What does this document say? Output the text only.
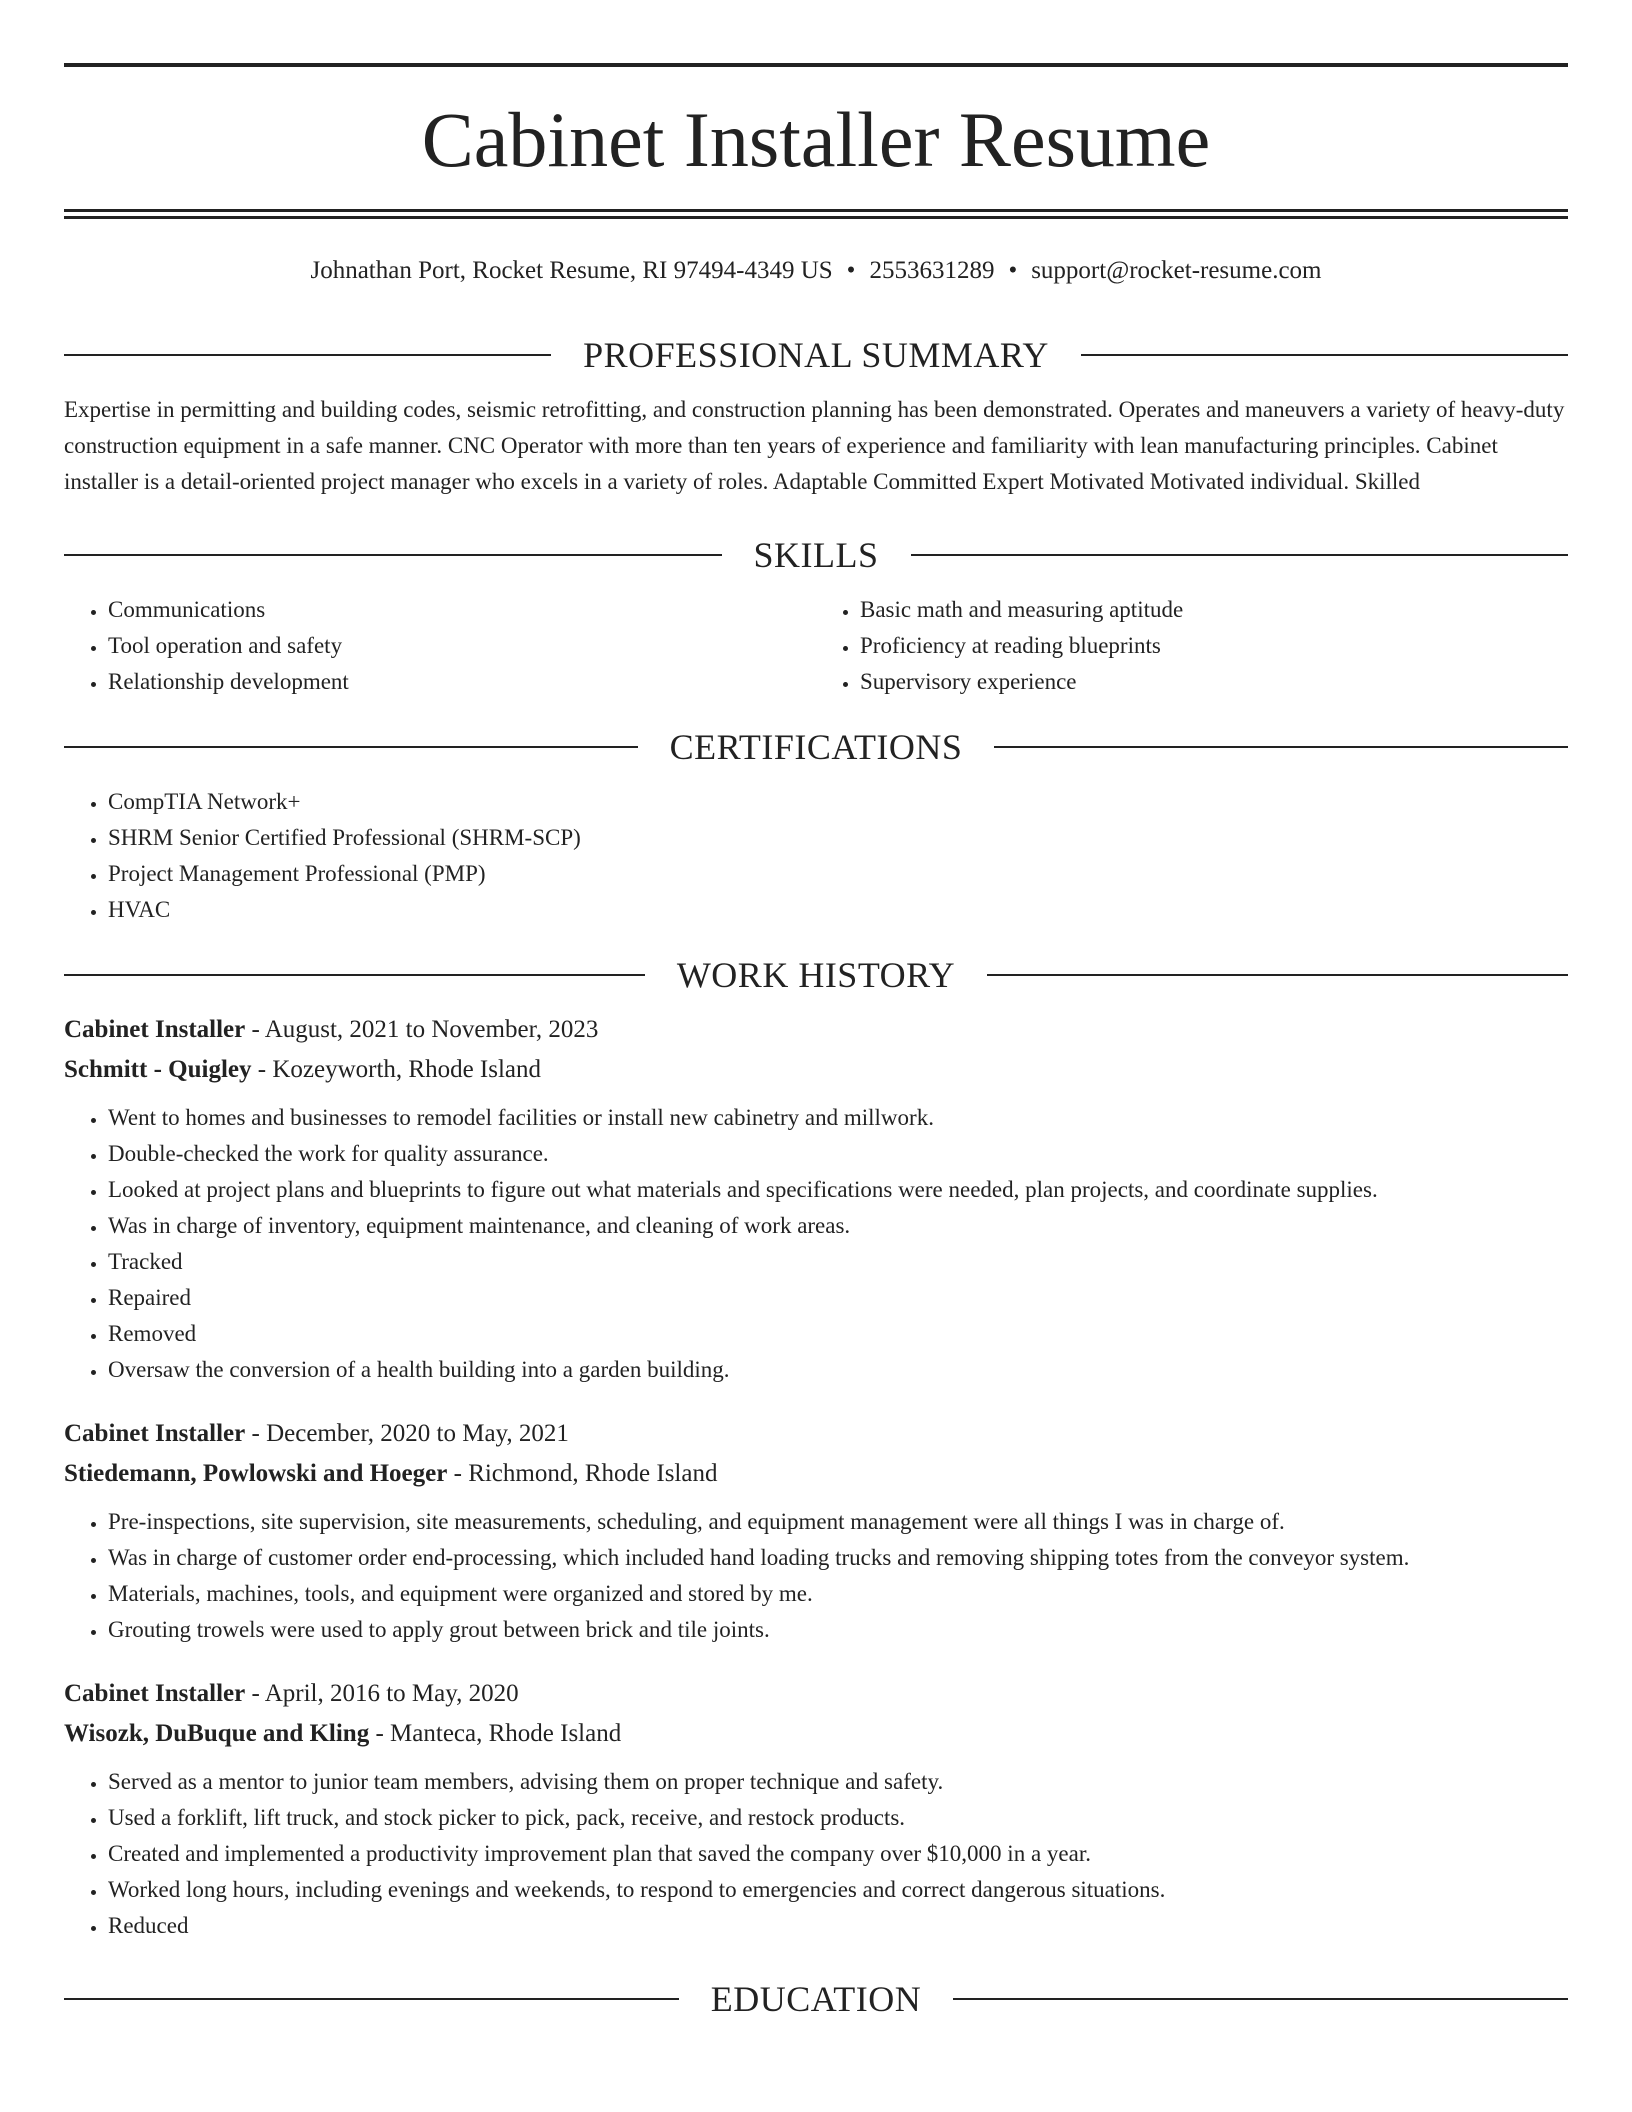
Cabinet Installer Resume
Johnathan Port, Rocket Resume, RI 97494-4349 US • 2553631289 • support@rocket-resume.com
PROFESSIONAL SUMMARY

Expertise in permitting and building codes, seismic retrofitting, and construction planning has been demonstrated. Operates and maneuvers a variety of heavy-duty construction equipment in a safe manner. CNC Operator with more than ten years of experience and familiarity with lean manufacturing principles. Cabinet installer is a detail-oriented project manager who excels in a variety of roles. Adaptable Committed Expert Motivated Motivated individual. Skilled

SKILLS
• Communications
• Tool operation and safety
• Relationship development
• Basic math and measuring aptitude
• Proficiency at reading blueprints
• Supervisory experience
CERTIFICATIONS
• CompTIA Network+
• SHRM Senior Certified Professional (SHRM-SCP)
• Project Management Professional (PMP)
• HVAC
WORK HISTORY

Cabinet Installer - August, 2021 to November, 2023

Schmitt - Quigley - Kozeyworth, Rhode Island

• Went to homes and businesses to remodel facilities or install new cabinetry and millwork.
• Double-checked the work for quality assurance.
• Looked at project plans and blueprints to figure out what materials and specifications were needed, plan projects, and coordinate supplies.
• Was in charge of inventory, equipment maintenance, and cleaning of work areas.
• Tracked
• Repaired
• Removed
• Oversaw the conversion of a health building into a garden building.

Cabinet Installer - December, 2020 to May, 2021

Stiedemann, Powlowski and Hoeger - Richmond, Rhode Island

• Pre-inspections, site supervision, site measurements, scheduling, and equipment management were all things I was in charge of.
• Was in charge of customer order end-processing, which included hand loading trucks and removing shipping totes from the conveyor system.
• Materials, machines, tools, and equipment were organized and stored by me.
• Grouting trowels were used to apply grout between brick and tile joints.

Cabinet Installer - April, 2016 to May, 2020

Wisozk, DuBuque and Kling - Manteca, Rhode Island

• Served as a mentor to junior team members, advising them on proper technique and safety.
• Used a forklift, lift truck, and stock picker to pick, pack, receive, and restock products.
• Created and implemented a productivity improvement plan that saved the company over $10,000 in a year.
• Worked long hours, including evenings and weekends, to respond to emergencies and correct dangerous situations.
• Reduced
EDUCATION
